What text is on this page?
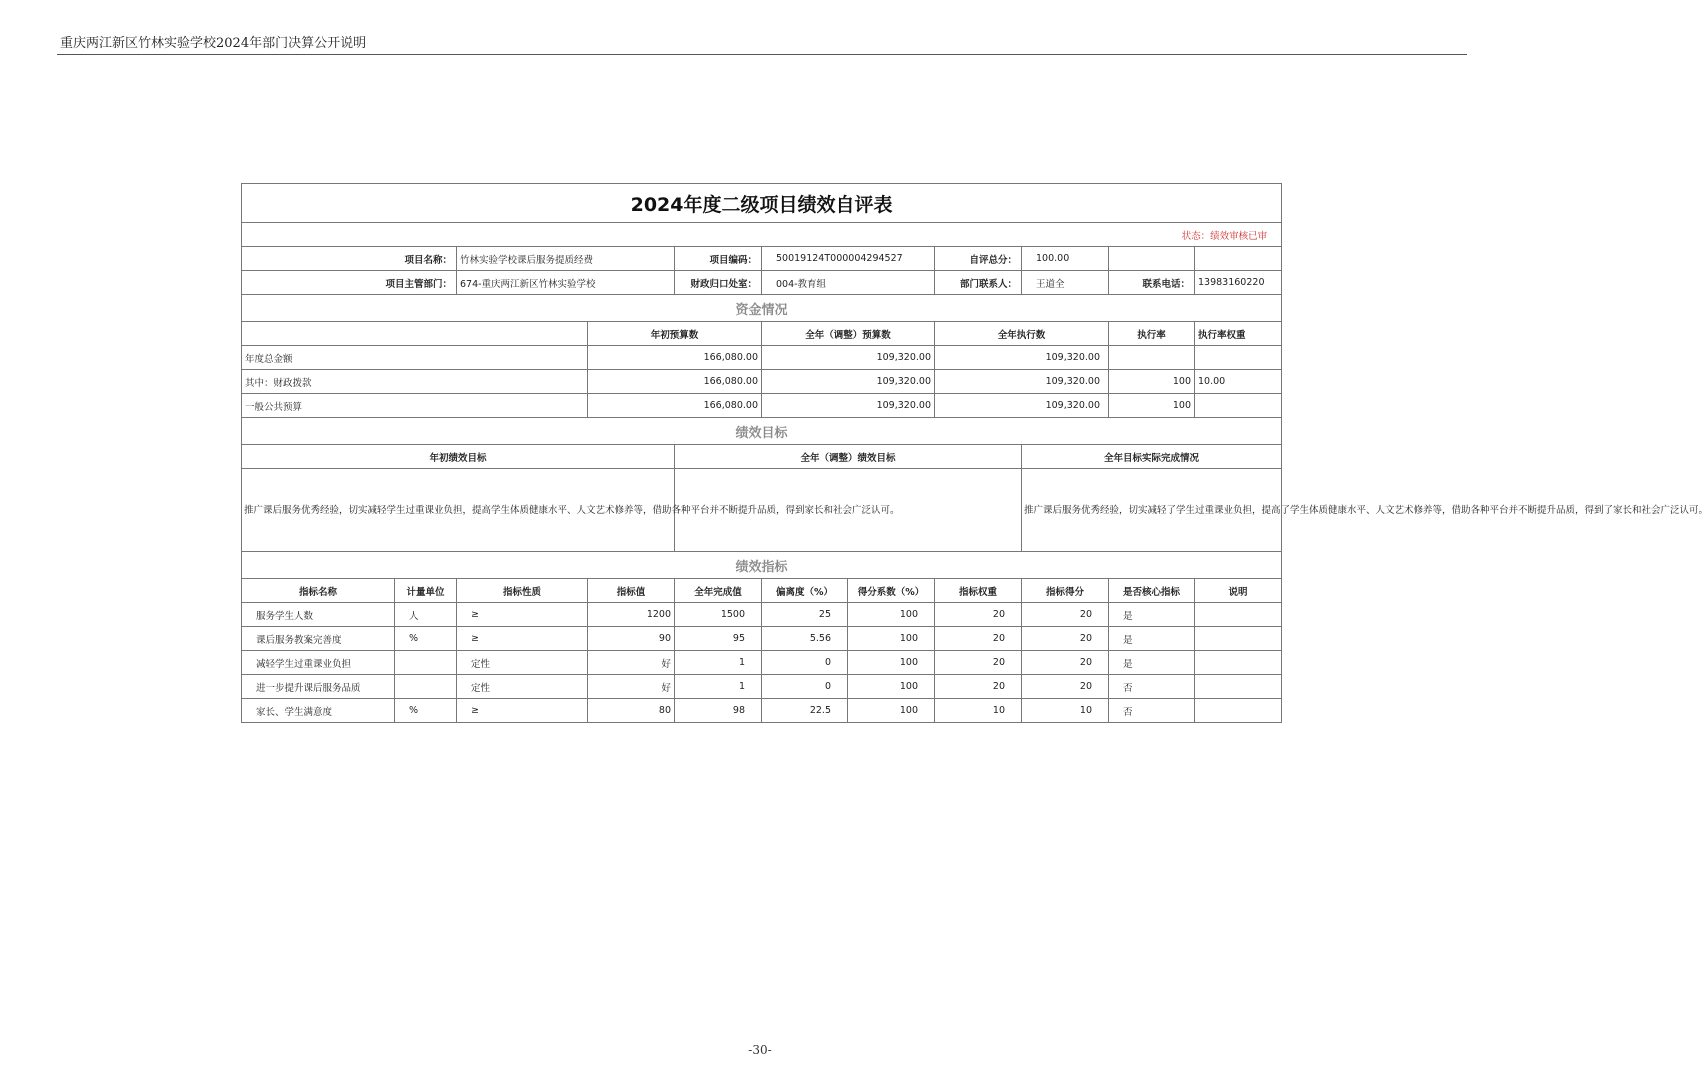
重庆两江新区竹林实验学校2024年部门决算公开说明
2024年度二级项目绩效自评表											
状态：绩效审核已审											
项目名称：		竹林实验学校课后服务提质经费		项目编码：	50019124T000004294527		自评总分：	100.00			
项目主管部门：		674-重庆两江新区竹林实验学校		财政归口处室：	004-教育组		部门联系人：	王道全	联系电话：	13983160220	
资金情况											
			年初预算数		全年（调整）预算数		全年执行数		执行率	执行率权重	
年度总金额			166,080.00		109,320.00		109,320.00				
其中：财政拨款			166,080.00		109,320.00		109,320.00		100	10.00	
一般公共预算			166,080.00		109,320.00		109,320.00		100		
绩效目标											
年初绩效目标				全年（调整）绩效目标				全年目标实际完成情况			
推广课后服务优秀经验，切实减轻学生过重课业负担，提高学生体质健康水平、人文艺术修养等，借助各种平台并不断提升品质，得到家长和社会广泛认可。								推广课后服务优秀经验，切实减轻了学生过重课业负担，提高了学生体质健康水平、人文艺术修养等，借助各种平台并不断提升品质，得到了家长和社会广泛认可。			
绩效指标											
指标名称	计量单位	指标性质	指标值	全年完成值	偏离度（%）	得分系数（%）	指标权重	指标得分	是否核心指标	说明	
服务学生人数	人	≥	1200	1500	25	100	20	20	是		
课后服务教案完善度	%	≥	90	95	5.56	100	20	20	是		
减轻学生过重课业负担		定性	好	1	0	100	20	20	是		
进一步提升课后服务品质		定性	好	1	0	100	20	20	否		
家长、学生满意度	%	≥	80	98	22.5	100	10	10	否		
-30-
